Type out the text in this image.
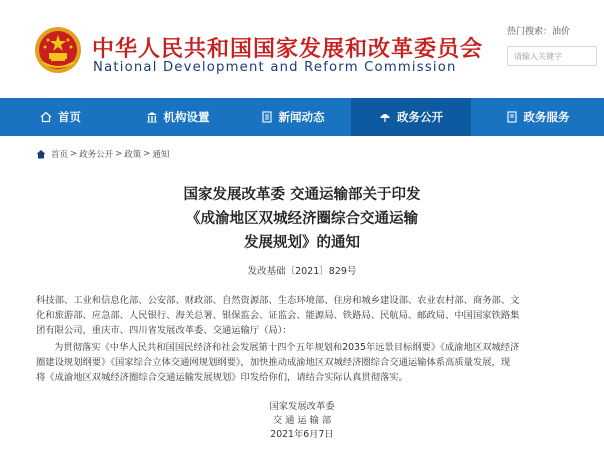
中华人民共和国国家发展和改革委员会
National Development and Reform Commission
热门搜索：油价
请输入关键字
首页	机构设置	新闻动态	政务公开	政务服务
首页 > 政务公开 > 政策 > 通知
国家发展改革委 交通运输部关于印发
《成渝地区双城经济圈综合交通运输
发展规划》的通知
发改基础〔2021〕829号
科技部、工业和信息化部、公安部、财政部、自然资源部、生态环境部、住房和城乡建设部、农业农村部、商务部、文
化和旅游部、应急部、人民银行、海关总署、银保监会、证监会、能源局、铁路局、民航局、邮政局、中国国家铁路集
团有限公司，重庆市、四川省发展改革委、交通运输厅（局）：
为贯彻落实《中华人民共和国国民经济和社会发展第十四个五年规划和2035年远景目标纲要》《成渝地区双城经济
圈建设规划纲要》《国家综合立体交通网规划纲要》，加快推动成渝地区双城经济圈综合交通运输体系高质量发展，现
将《成渝地区双城经济圈综合交通运输发展规划》印发给你们，请结合实际认真贯彻落实。
国家发展改革委
交 通 运 输 部
2021年6月7日
